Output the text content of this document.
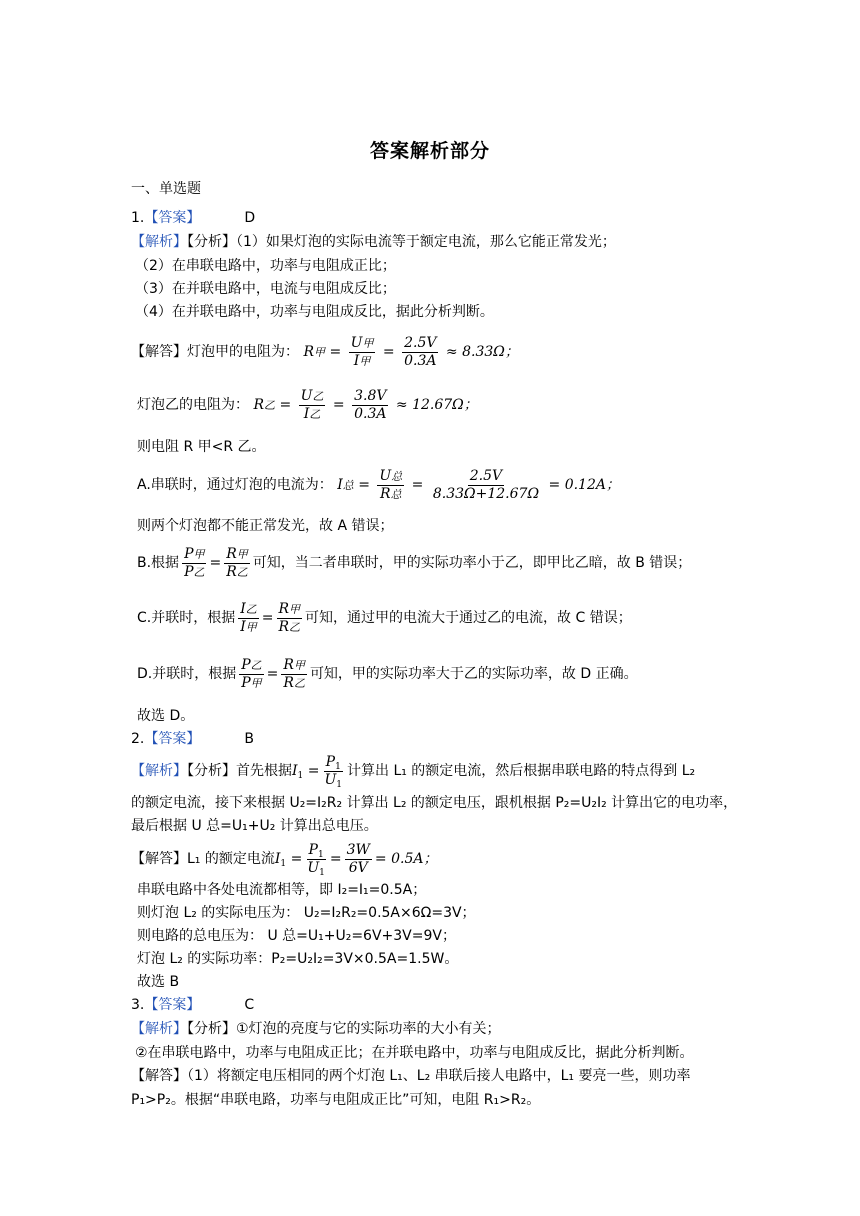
答案解析部分
一、单选题
1.【答案】	D
【解析】【分析】（1）如果灯泡的实际电流等于额定电流，那么它能正常发光；
（2）在串联电路中，功率与电阻成正比；
（3）在并联电路中，电流与电阻成反比；
（4）在并联电路中，功率与电阻成反比，据此分析判断。
【解答】灯泡甲的电阻为： R甲 = $\frac{\text{U甲}}{\text{I甲}} = \frac{2.5V}{0.3A} \approx 8.33\Omega$；
灯泡乙的电阻为： R乙 = $\frac{\text{U乙}}{\text{I乙}} = \frac{3.8V}{0.3A} \approx 12.67\Omega$；
则电阻 R 甲<R 乙。
A.串联时，通过灯泡的电流为： I总 = $\frac{\text{U总}}{\text{R总}} = \frac{2.5V}{8.33\Omega+12.67\Omega} = 0.12A$；
则两个灯泡都不能正常发光，故 A 错误；
B.根据 $\frac{\text{P甲}}{\text{P乙}} = \frac{\text{R甲}}{\text{R乙}}$ 可知，当二者串联时，甲的实际功率小于乙，即甲比乙暗，故 B 错误；
C.并联时，根据 $\frac{\text{I乙}}{\text{I甲}} = \frac{\text{R甲}}{\text{R乙}}$ 可知，通过甲的电流大于通过乙的电流，故 C 错误；
D.并联时，根据 $\frac{\text{P乙}}{\text{P甲}} = \frac{\text{R甲}}{\text{R乙}}$ 可知，甲的实际功率大于乙的实际功率，故 D 正确。
故选 D。
2.【答案】	B
【解析】【分析】首先根据$I_1 = \frac{P_1}{U_1}$ 计算出 L₁ 的额定电流，然后根据串联电路的特点得到 L₂
的额定电流，接下来根据 U₂=I₂R₂ 计算出 L₂ 的额定电压，跟机根据 P₂=U₂I₂ 计算出它的电功率，
最后根据 U 总=U₁+U₂ 计算出总电压。
【解答】L₁ 的额定电流$I_1 = \frac{P_1}{U_1} = \frac{3W}{6V} = 0.5A$；
串联电路中各处电流都相等，即 I₂=I₁=0.5A；
则灯泡 L₂ 的实际电压为： U₂=I₂R₂=0.5A×6Ω=3V；
则电路的总电压为： U 总=U₁+U₂=6V+3V=9V；
灯泡 L₂ 的实际功率：P₂=U₂I₂=3V×0.5A=1.5W。
故选 B
3.【答案】	C
【解析】【分析】①灯泡的亮度与它的实际功率的大小有关；
②在串联电路中，功率与电阻成正比；在并联电路中，功率与电阻成反比，据此分析判断。
【解答】（1）将额定电压相同的两个灯泡 L₁、L₂ 串联后接人电路中，L₁ 要亮一些，则功率
P₁>P₂。根据“串联电路，功率与电阻成正比”可知，电阻 R₁>R₂。
